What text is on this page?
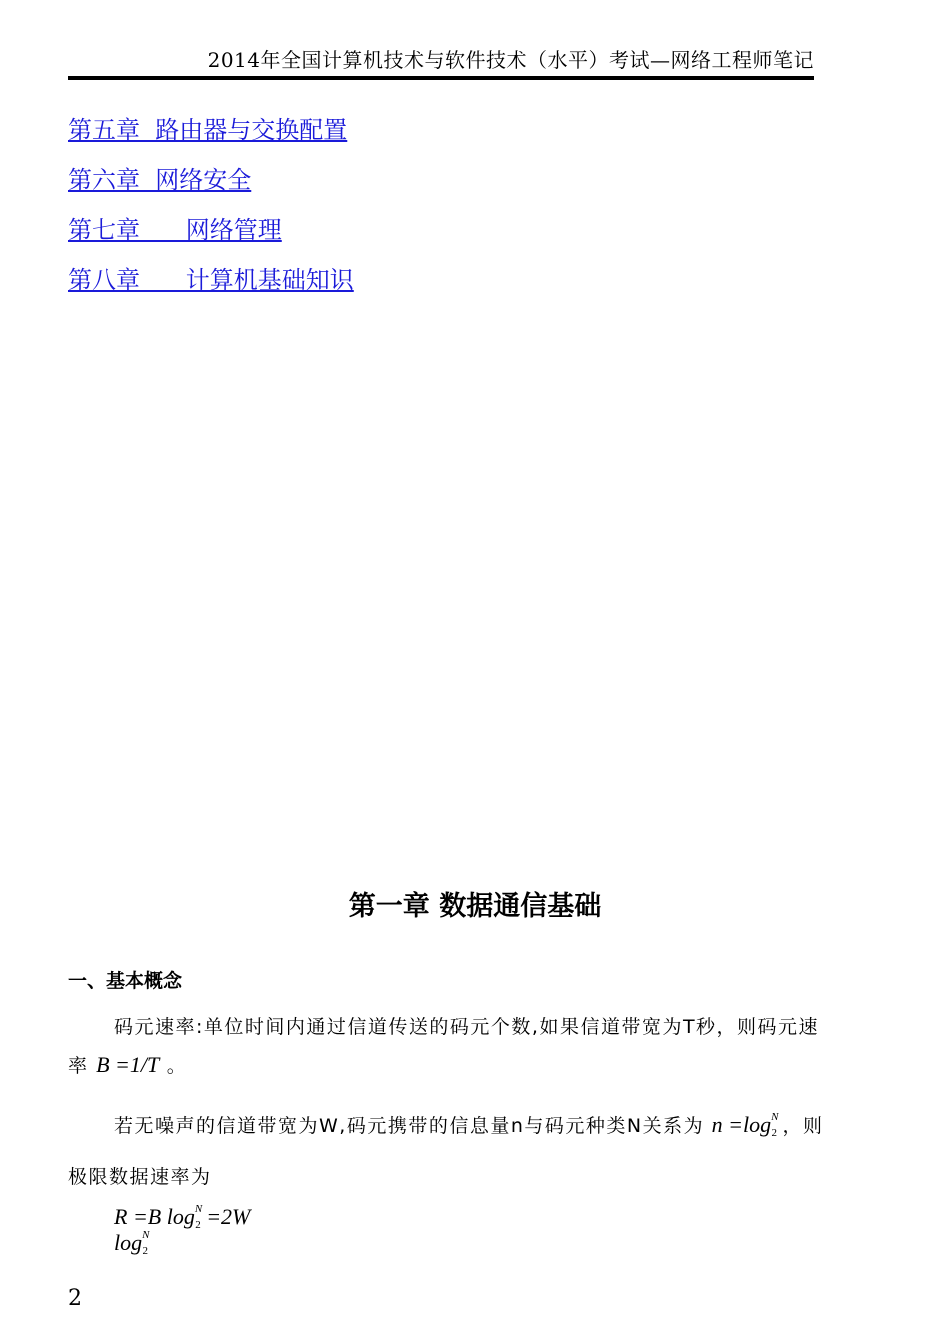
2014年全国计算机技术与软件技术（水平）考试—网络工程师笔记
第五章  路由器与交换配置
第六章  网络安全
第七章      网络管理
第八章      计算机基础知识
第一章 数据通信基础
一、基本概念
码元速率:单位时间内通过信道传送的码元个数,如果信道带宽为T秒，则码元速
率 B =1/T 。
若无噪声的信道带宽为W,码元携带的信息量n与码元种类N关系为 $n =\log^N2$ ，则
极限数据速率为
R =B $\log^N2 =2W$ $\log^N2$
2
